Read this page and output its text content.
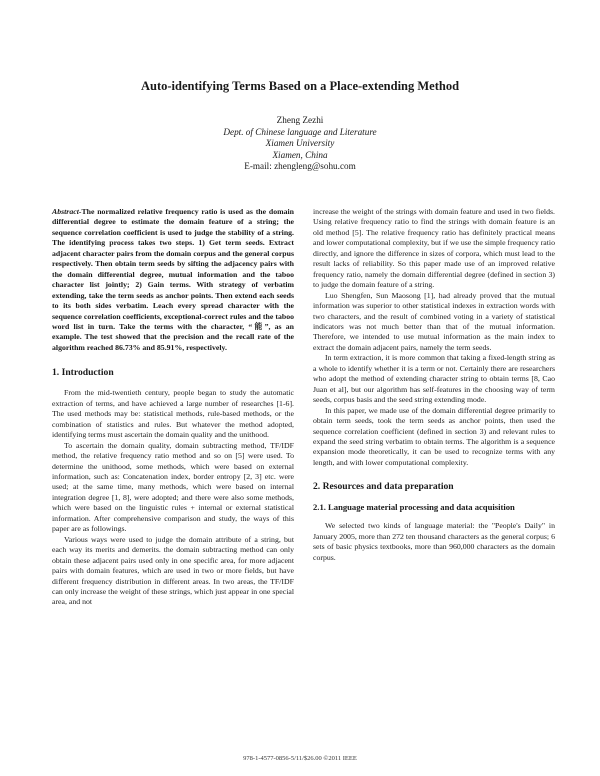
Auto-identifying Terms Based on a Place-extending Method
Zheng Zezhi
Dept. of Chinese language and Literature
Xiamen University
Xiamen, China
E-mail: zhengleng@sohu.com

Abstract-The normalized relative frequency ratio is used as the domain differential degree to estimate the domain feature of a string; the sequence correlation coefficient is used to judge the stability of a string. The identifying process takes two steps. 1) Get term seeds. Extract adjacent character pairs from the domain corpus and the general corpus respectively. Then obtain term seeds by sifting the adjacency pairs with the domain differential degree, mutual information and the taboo character list jointly; 2) Gain terms. With strategy of verbatim extending, take the term seeds as anchor points. Then extend each seeds to its both sides verbatim. Leach every spread character with the sequence correlation coefficients, exceptional-correct rules and the taboo word list in turn. Take the terms with the character, “能”, as an example. The test showed that the precision and the recall rate of the algorithm reached 86.73% and 85.91%, respectively.

1. Introduction

From the mid-twentieth century, people began to study the automatic extraction of terms, and have achieved a large number of researches [1-6]. The used methods may be: statistical methods, rule-based methods, or the combination of statistics and rules. But whatever the method adopted, identifying terms must ascertain the domain quality and the unithood.

To ascertain the domain quality, domain subtracting method, TF/IDF method, the relative frequency ratio method and so on [5] were used. To determine the unithood, some methods, which were based on external information, such as: Concatenation index, border entropy [2, 3] etc. were used; at the same time, many methods, which were based on internal integration degree [1, 8], were adopted; and there were also some methods, which were based on the linguistic rules + internal or external statistical information. After comprehensive comparison and study, the ways of this paper are as followings.

Various ways were used to judge the domain attribute of a string, but each way its merits and demerits. the domain subtracting method can only obtain these adjacent pairs used only in one specific area, for more adjacent pairs with domain features, which are used in two or more fields, but have different frequency distribution in different areas. In two areas, the TF/IDF can only increase the weight of these strings, which just appear in one special area, and not

increase the weight of the strings with domain feature and used in two fields. Using relative frequency ratio to find the strings with domain feature is an old method [5]. The relative frequency ratio has definitely practical means and lower computational complexity, but if we use the simple frequency ratio directly, and ignore the difference in sizes of corpora, which must lead to the result lacks of reliability. So this paper made use of an improved relative frequency ratio, namely the domain differential degree (defined in section 3) to judge the domain feature of a string.

Luo Shengfen, Sun Maosong [1], had already proved that the mutual information was superior to other statistical indexes in extraction words with two characters, and the result of combined voting in a variety of statistical indicators was not much better than that of the mutual information. Therefore, we intended to use mutual information as the main index to extract the domain adjacent pairs, namely the term seeds.

In term extraction, it is more common that taking a fixed-length string as a whole to identify whether it is a term or not. Certainly there are researchers who adopt the method of extending character string to obtain terms [8, Cao Juan et al], but our algorithm has self-features in the choosing way of term seeds, corpus basis and the seed string extending mode.

In this paper, we made use of the domain differential degree primarily to obtain term seeds, took the term seeds as anchor points, then used the sequence correlation coefficient (defined in section 3) and relevant rules to expand the seed string verbatim to obtain terms. The algorithm is a sequence expansion mode theoretically, it can be used to recognize terms with any length, and with lower computational complexity.

2. Resources and data preparation
2.1. Language material processing and data acquisition

We selected two kinds of language material: the "People's Daily" in January 2005, more than 272 ten thousand characters as the general corpus; 6 sets of basic physics textbooks, more than 960,000 characters as the domain corpus.

978-1-4577-0856-5/11/$26.00 ©2011 IEEE
